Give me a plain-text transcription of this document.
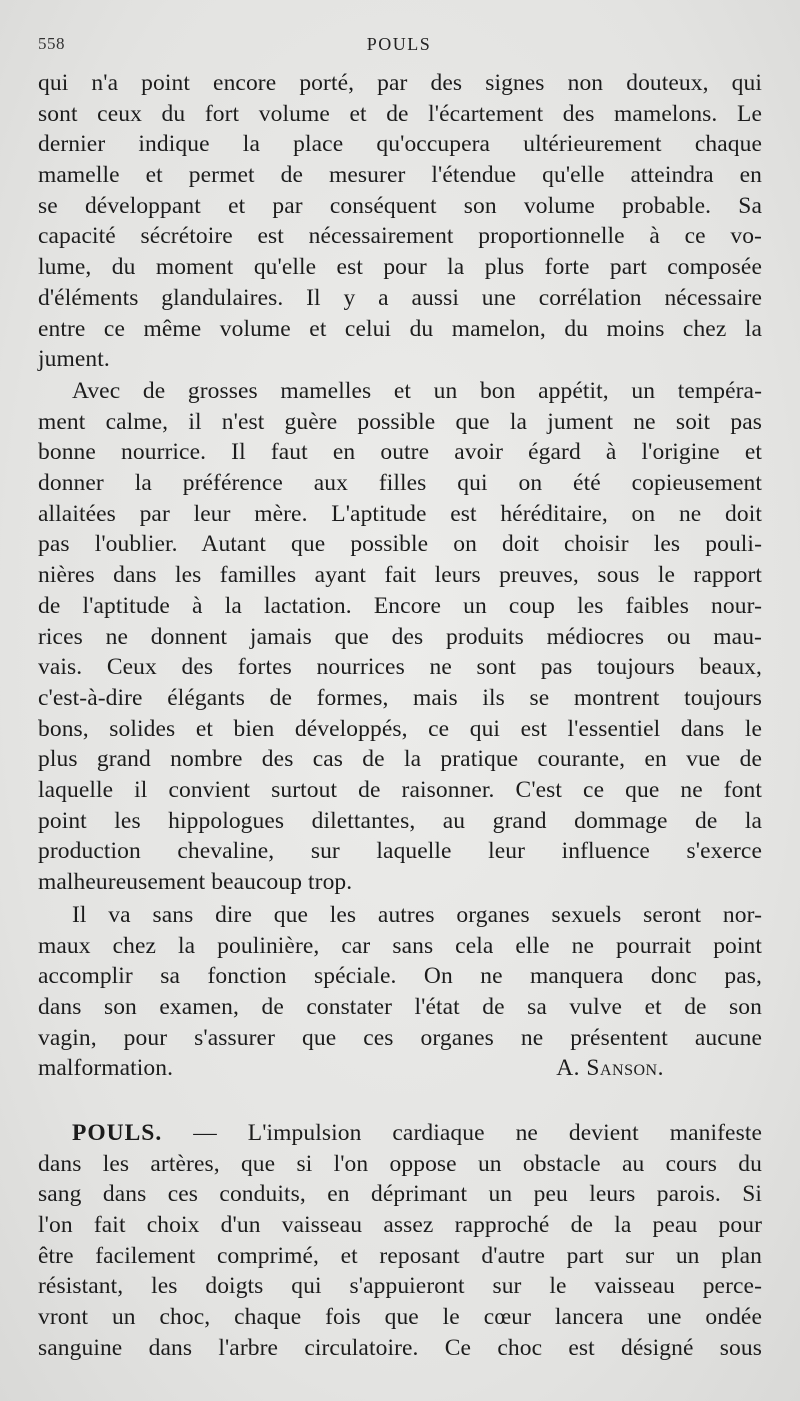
POULS
558
qui n'a point encore porté, par des signes non douteux, qui
sont ceux du fort volume et de l'écartement des mamelons. Le
dernier indique la place qu'occupera ultérieurement chaque
mamelle et permet de mesurer l'étendue qu'elle atteindra en
se développant et par conséquent son volume probable. Sa
capacité sécrétoire est nécessairement proportionnelle à ce vo-
lume, du moment qu'elle est pour la plus forte part composée
d'éléments glandulaires. Il y a aussi une corrélation nécessaire
entre ce même volume et celui du mamelon, du moins chez la
jument.
Avec de grosses mamelles et un bon appétit, un tempéra-
ment calme, il n'est guère possible que la jument ne soit pas
bonne nourrice. Il faut en outre avoir égard à l'origine et
donner la préférence aux filles qui on été copieusement
allaitées par leur mère. L'aptitude est héréditaire, on ne doit
pas l'oublier. Autant que possible on doit choisir les pouli-
nières dans les familles ayant fait leurs preuves, sous le rapport
de l'aptitude à la lactation. Encore un coup les faibles nour-
rices ne donnent jamais que des produits médiocres ou mau-
vais. Ceux des fortes nourrices ne sont pas toujours beaux,
c'est-à-dire élégants de formes, mais ils se montrent toujours
bons, solides et bien développés, ce qui est l'essentiel dans le
plus grand nombre des cas de la pratique courante, en vue de
laquelle il convient surtout de raisonner. C'est ce que ne font
point les hippologues dilettantes, au grand dommage de la
production chevaline, sur laquelle leur influence s'exerce
malheureusement beaucoup trop.
Il va sans dire que les autres organes sexuels seront nor-
maux chez la poulinière, car sans cela elle ne pourrait point
accomplir sa fonction spéciale. On ne manquera donc pas,
dans son examen, de constater l'état de sa vulve et de son
vagin, pour s'assurer que ces organes ne présentent aucune
malformation.	A. Sanson.
POULS. — L'impulsion cardiaque ne devient manifeste
dans les artères, que si l'on oppose un obstacle au cours du
sang dans ces conduits, en déprimant un peu leurs parois. Si
l'on fait choix d'un vaisseau assez rapproché de la peau pour
être facilement comprimé, et reposant d'autre part sur un plan
résistant, les doigts qui s'appuieront sur le vaisseau perce-
vront un choc, chaque fois que le cœur lancera une ondée
sanguine dans l'arbre circulatoire. Ce choc est désigné sous
